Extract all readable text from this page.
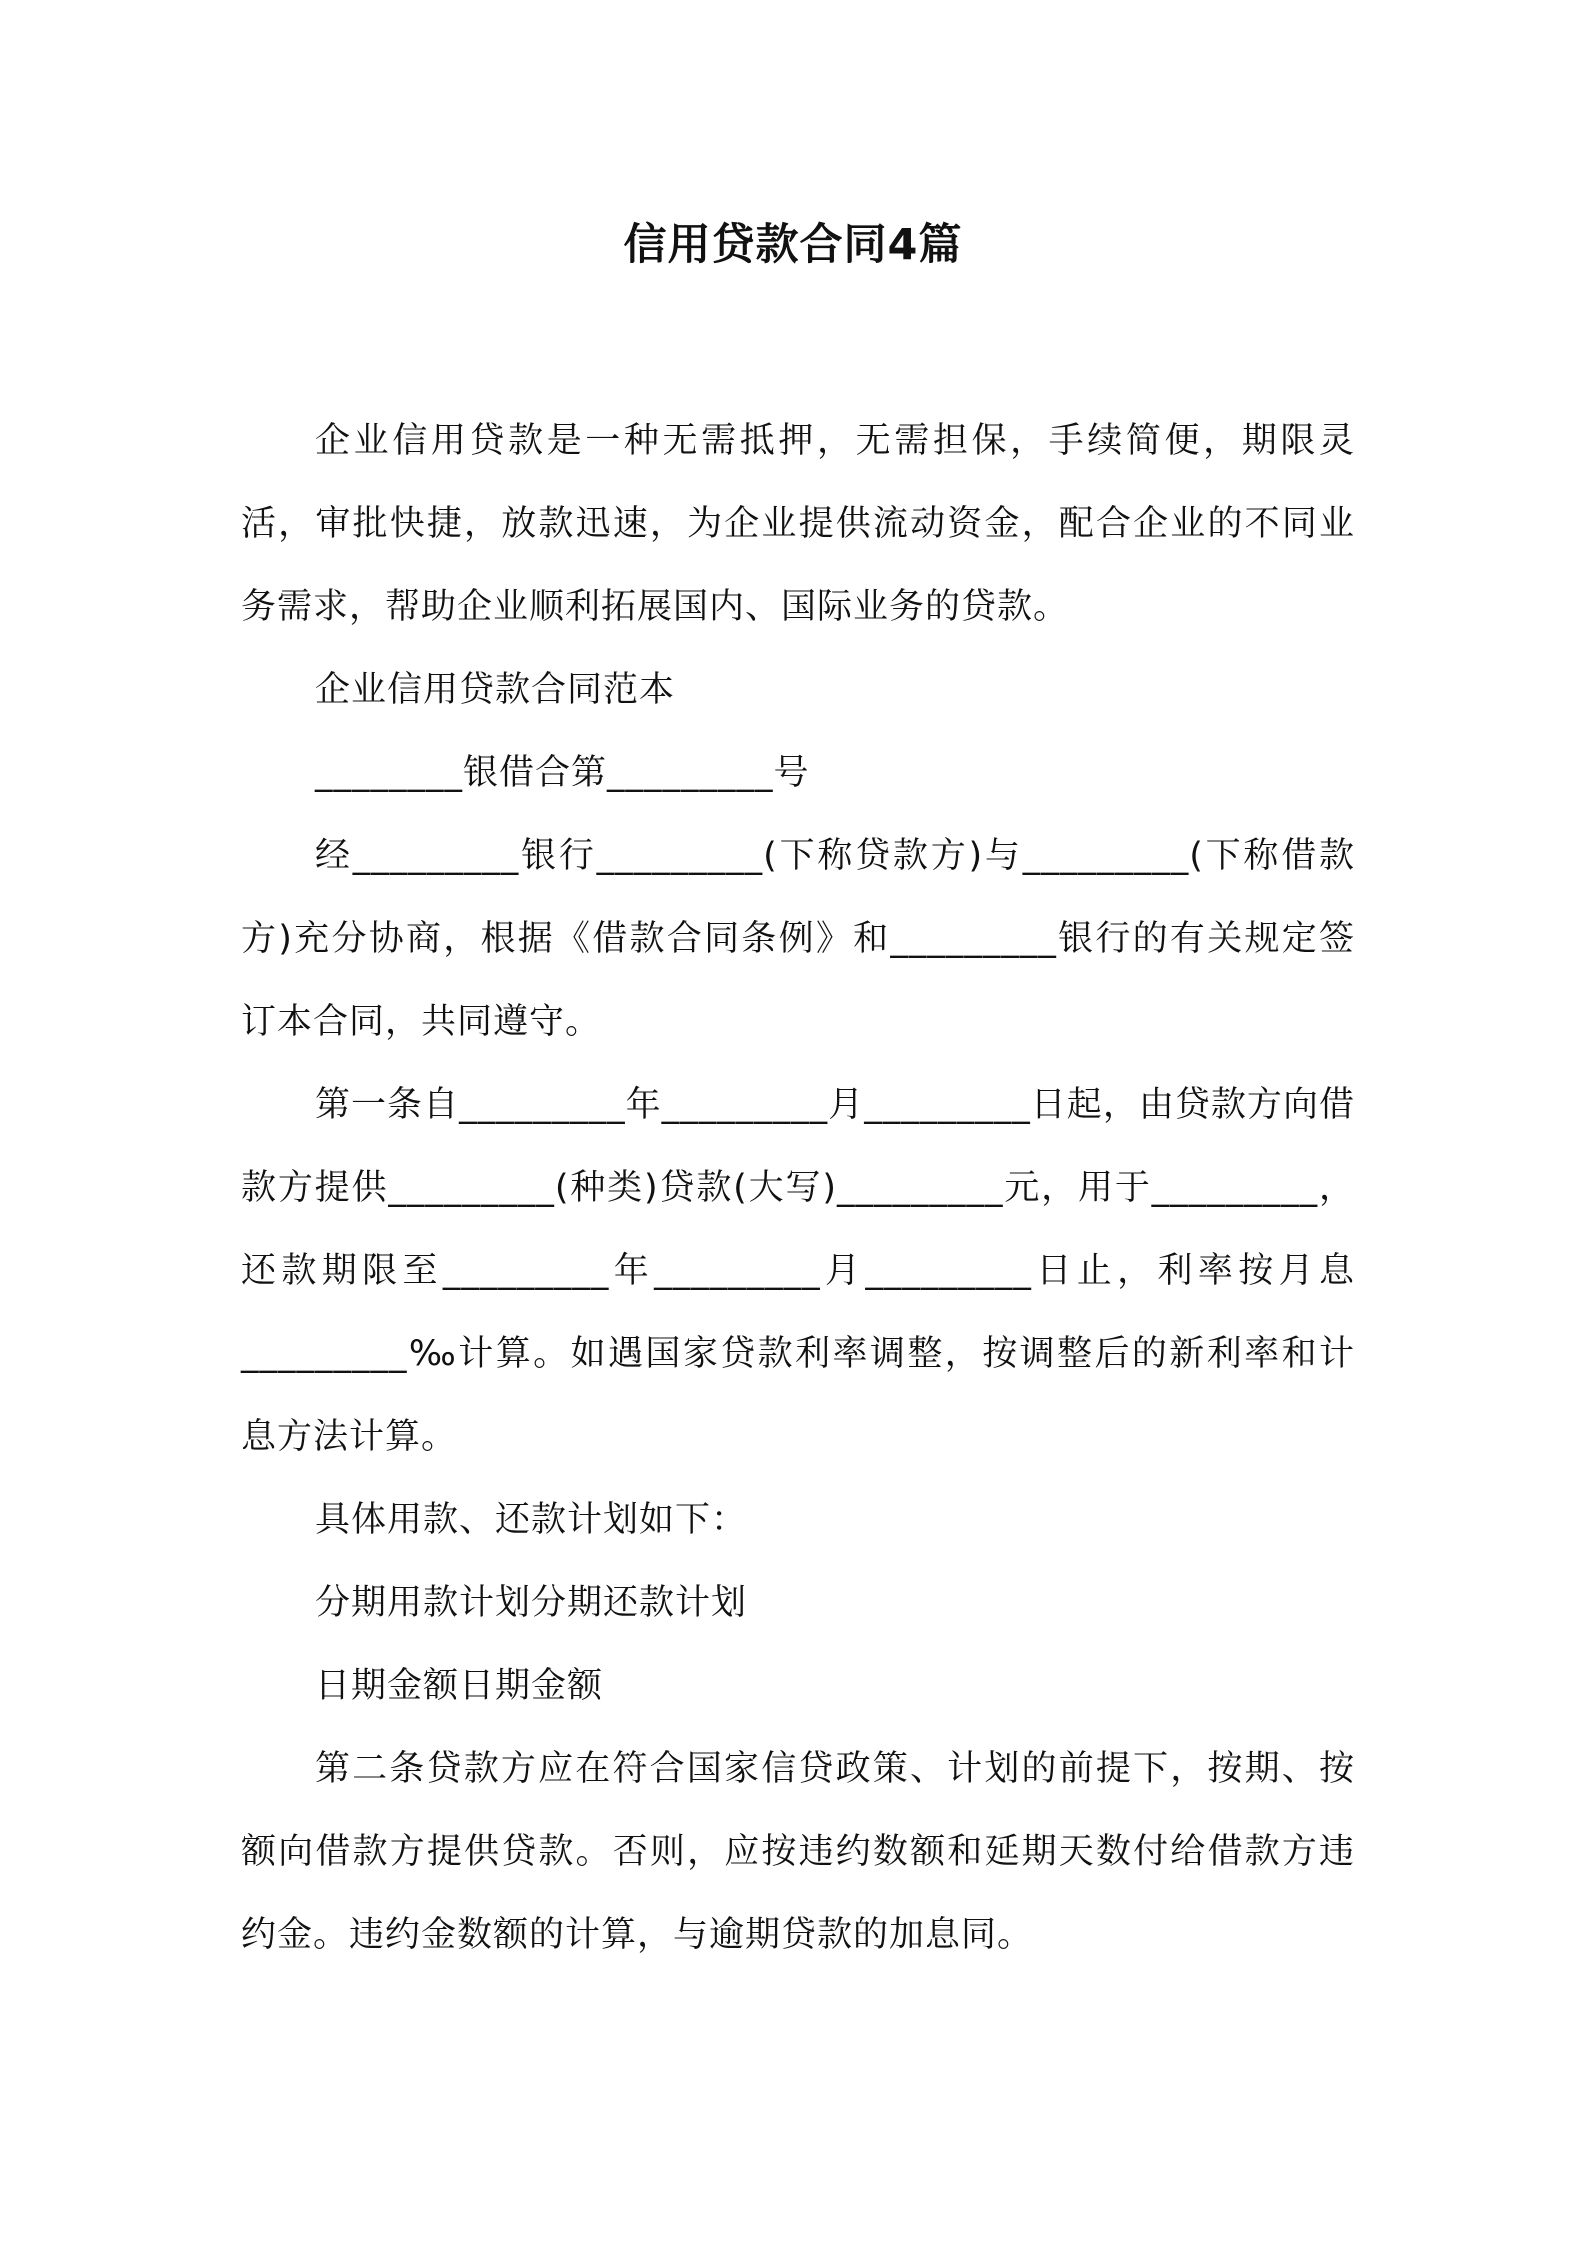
信用贷款合同4篇

企业信用贷款是一种无需抵押，无需担保，手续简便，期限灵活，审批快捷，放款迅速，为企业提供流动资金，配合企业的不同业务需求，帮助企业顺利拓展国内、国际业务的贷款。

企业信用贷款合同范本

________银借合第_________号

经_________银行_________(下称贷款方)与_________(下称借款方)充分协商，根据《借款合同条例》和_________银行的有关规定签订本合同，共同遵守。

第一条自_________年_________月_________日起，由贷款方向借款方提供_________(种类)贷款(大写)_________元，用于_________，还款期限至_________年_________月_________日止，利率按月息_________‰计算。如遇国家贷款利率调整，按调整后的新利率和计息方法计算。

具体用款、还款计划如下：

分期用款计划分期还款计划

日期金额日期金额

第二条贷款方应在符合国家信贷政策、计划的前提下，按期、按额向借款方提供贷款。否则，应按违约数额和延期天数付给借款方违约金。违约金数额的计算，与逾期贷款的加息同。
